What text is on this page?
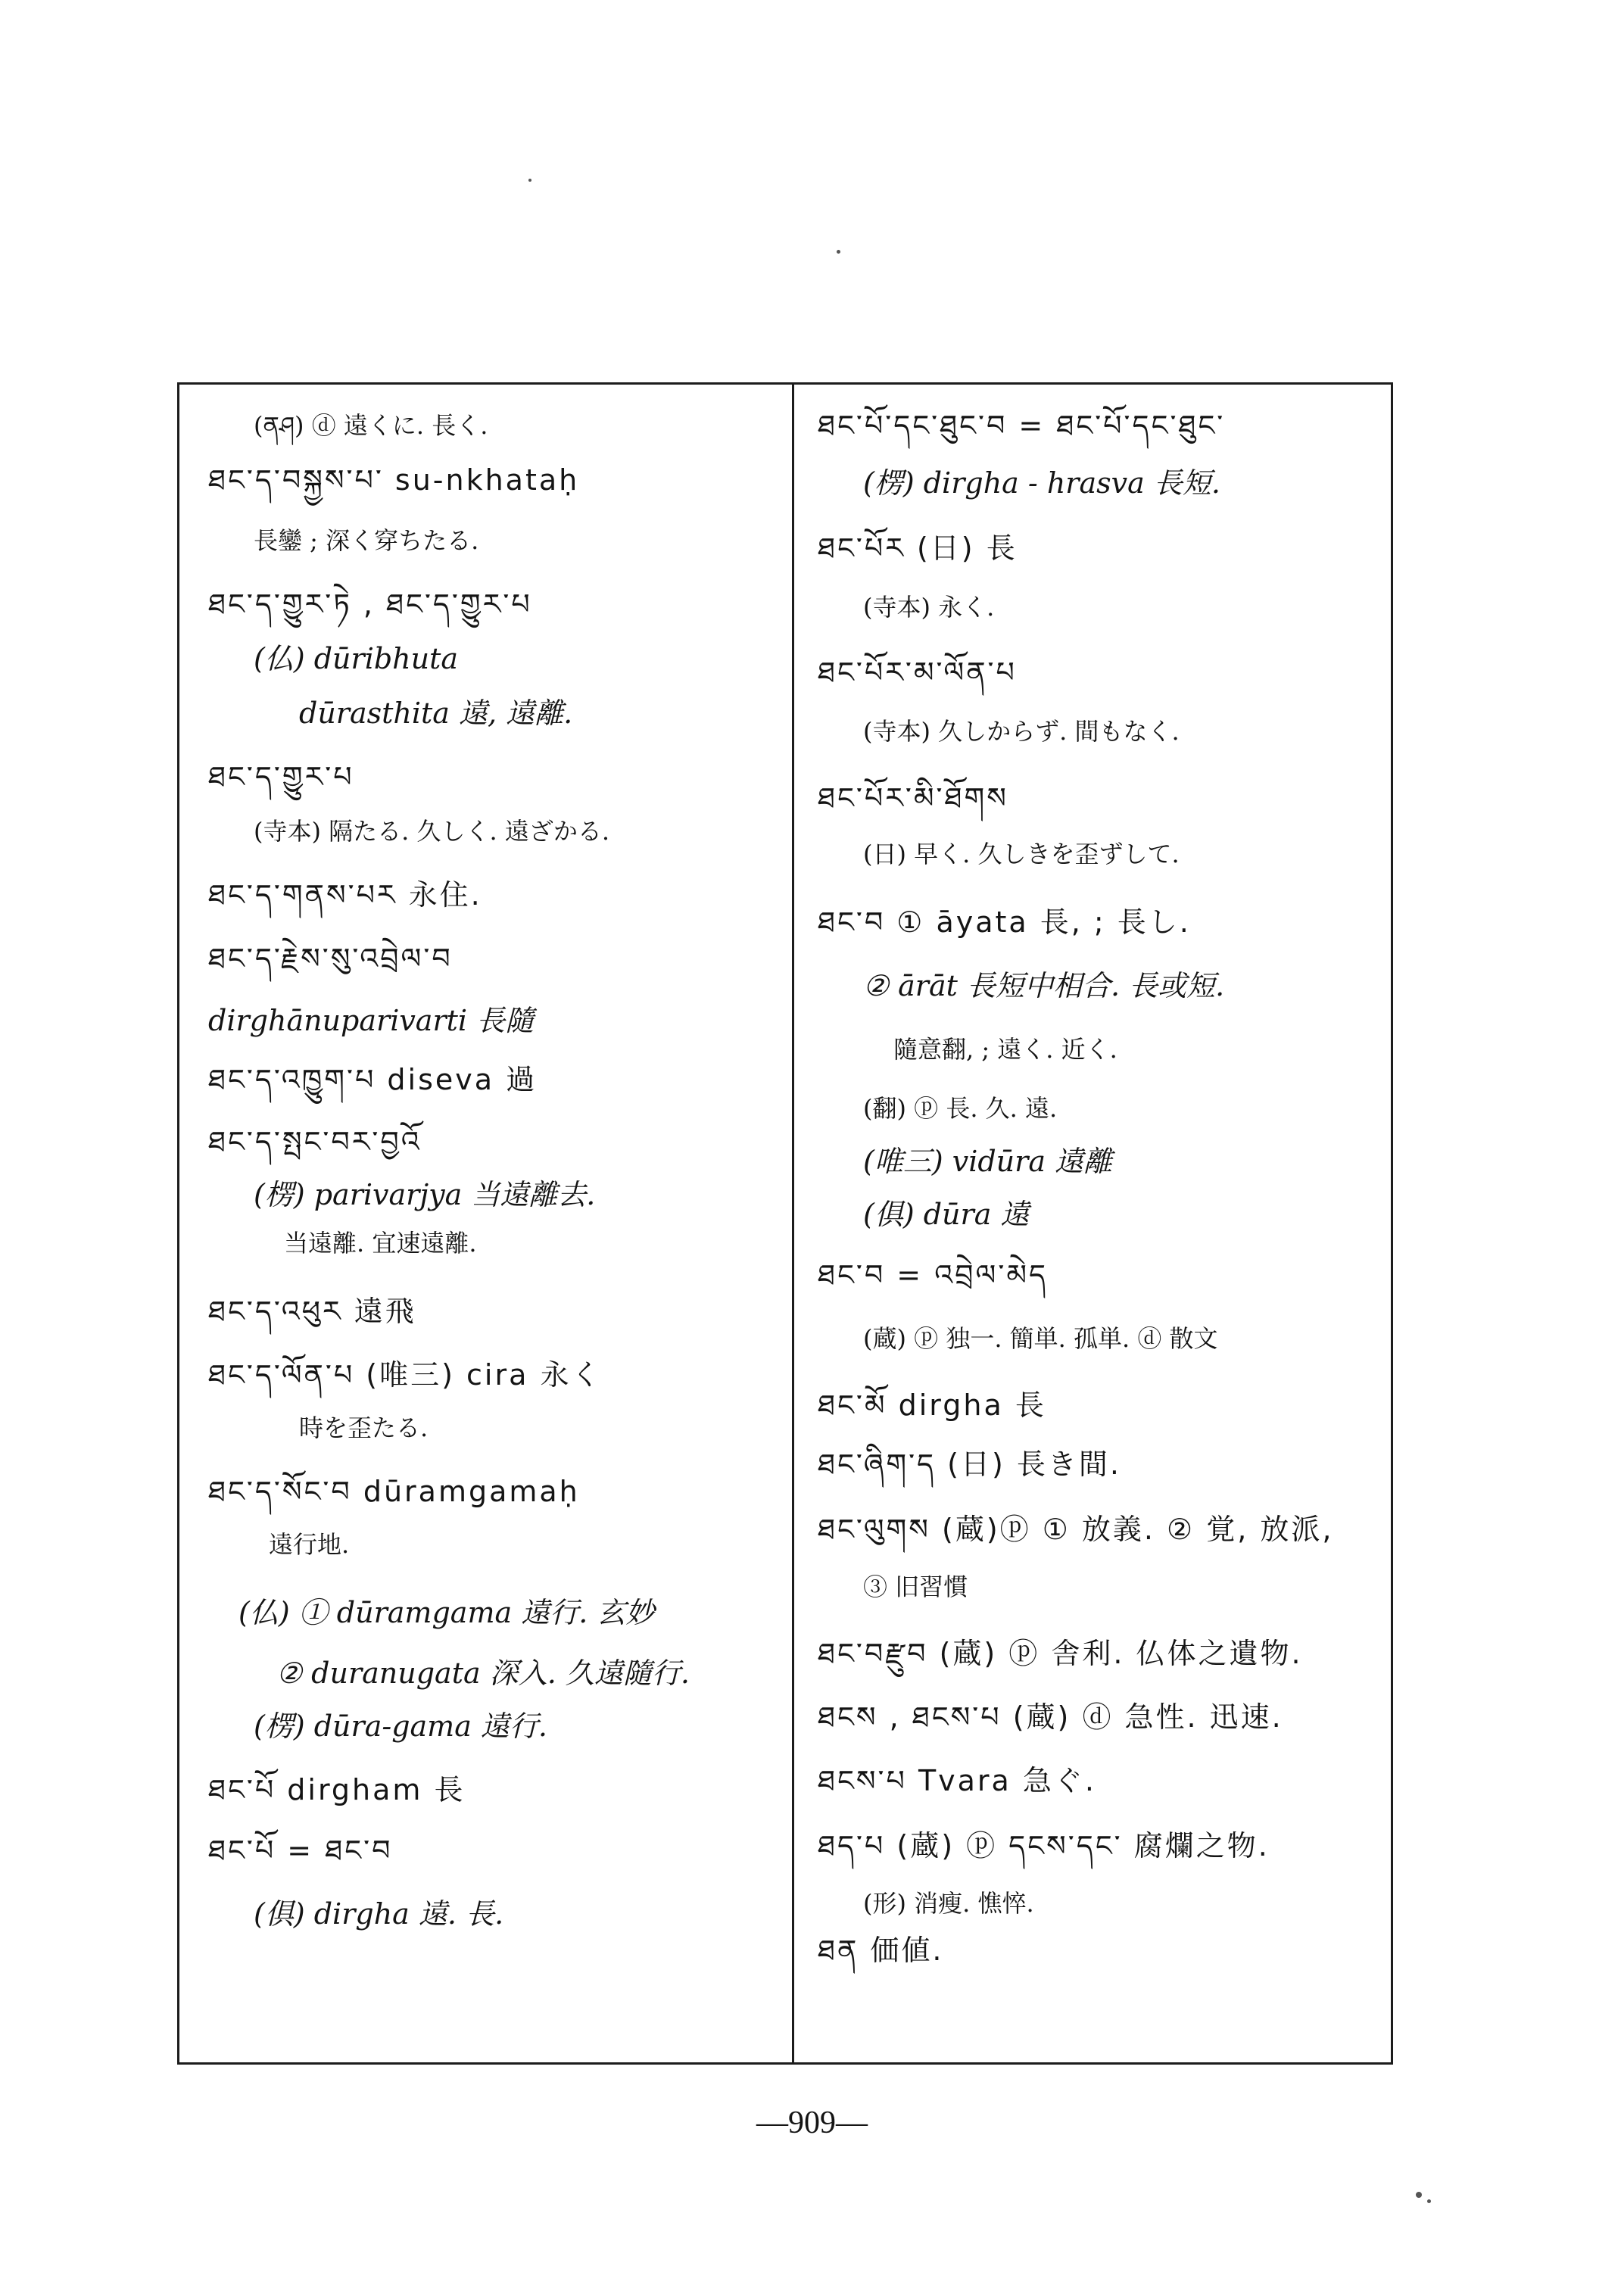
(ནཤ) ⓓ 遠くに. 長く.
ཐང་ད་བསྐྱས་པ་ su-nkhataḥ
長鑾 ; 深く穿ちたる.
ཐང་ད་གྱུར་ཏེ , ཐང་ད་གྱུར་པ
(仏) dūribhuta
dūrasthita 遠, 遠離.
ཐང་ད་གྱུར་པ
(寺本) 隔たる. 久しく. 遠ざかる.
ཐང་ད་གནས་པར 永住.
ཐང་ད་རྗེས་སུ་འབྲེལ་བ
dirghānuparivarti 長隨
ཐང་ད་འཁྱུག་པ diseva 過
ཐང་ད་སྤང་བར་བྱའོ
(楞) parivarjya 当遠離去.
当遠離. 宜速遠離.
ཐང་ད་འཕུར 遠飛
ཐང་ད་ལོན་པ (唯三) cira 永く
時を歪たる.
ཐང་ད་སོང་བ dūramgamaḥ
遠行地.
(仏) ① dūramgama 遠行. 玄妙
② duranugata 深入. 久遠隨行.
(楞) dūra-gama 遠行.
ཐང་པོ dirgham 長
ཐང་པོ = ཐང་བ
(俱) dirgha 遠. 長.
ཐང་པོ་དང་ཐུང་བ = ཐང་པོ་དང་ཐུང་
(楞) dirgha - hrasva 長短.
ཐང་པོར (日) 長
(寺本) 永く.
ཐང་པོར་མ་ལོན་པ
(寺本) 久しからず. 間もなく.
ཐང་པོར་མི་ཐོགས
(日) 早く. 久しきを歪ずして.
ཐང་བ ① āyata 長, ; 長し.
② ārāt 長短中相合. 長或短.
隨意翻, ; 遠く. 近く.
(翻) ⓟ 長. 久. 遠.
(唯三) vidūra 遠離
(俱) dūra 遠
ཐང་བ = འབྲེལ་མེད
(蔵) ⓟ 独一. 簡単. 孤単. ⓓ 散文
ཐང་མོ dirgha 長
ཐང་ཞིག་ད (日) 長き間.
ཐང་ལུགས (蔵)ⓟ ① 放義. ② 覚, 放派,
③ 旧習慣
ཐང་བརྫུབ (蔵) ⓟ 舎利. 仏体之遺物.
ཐངས , ཐངས་པ (蔵) ⓓ 急性. 迅速.
ཐངས་པ Tvara 急ぐ.
ཐད་པ (蔵) ⓟ དངས་དང་ 腐爛之物.
(形) 消瘦. 憔悴.
ཐན 価値.
—909—
